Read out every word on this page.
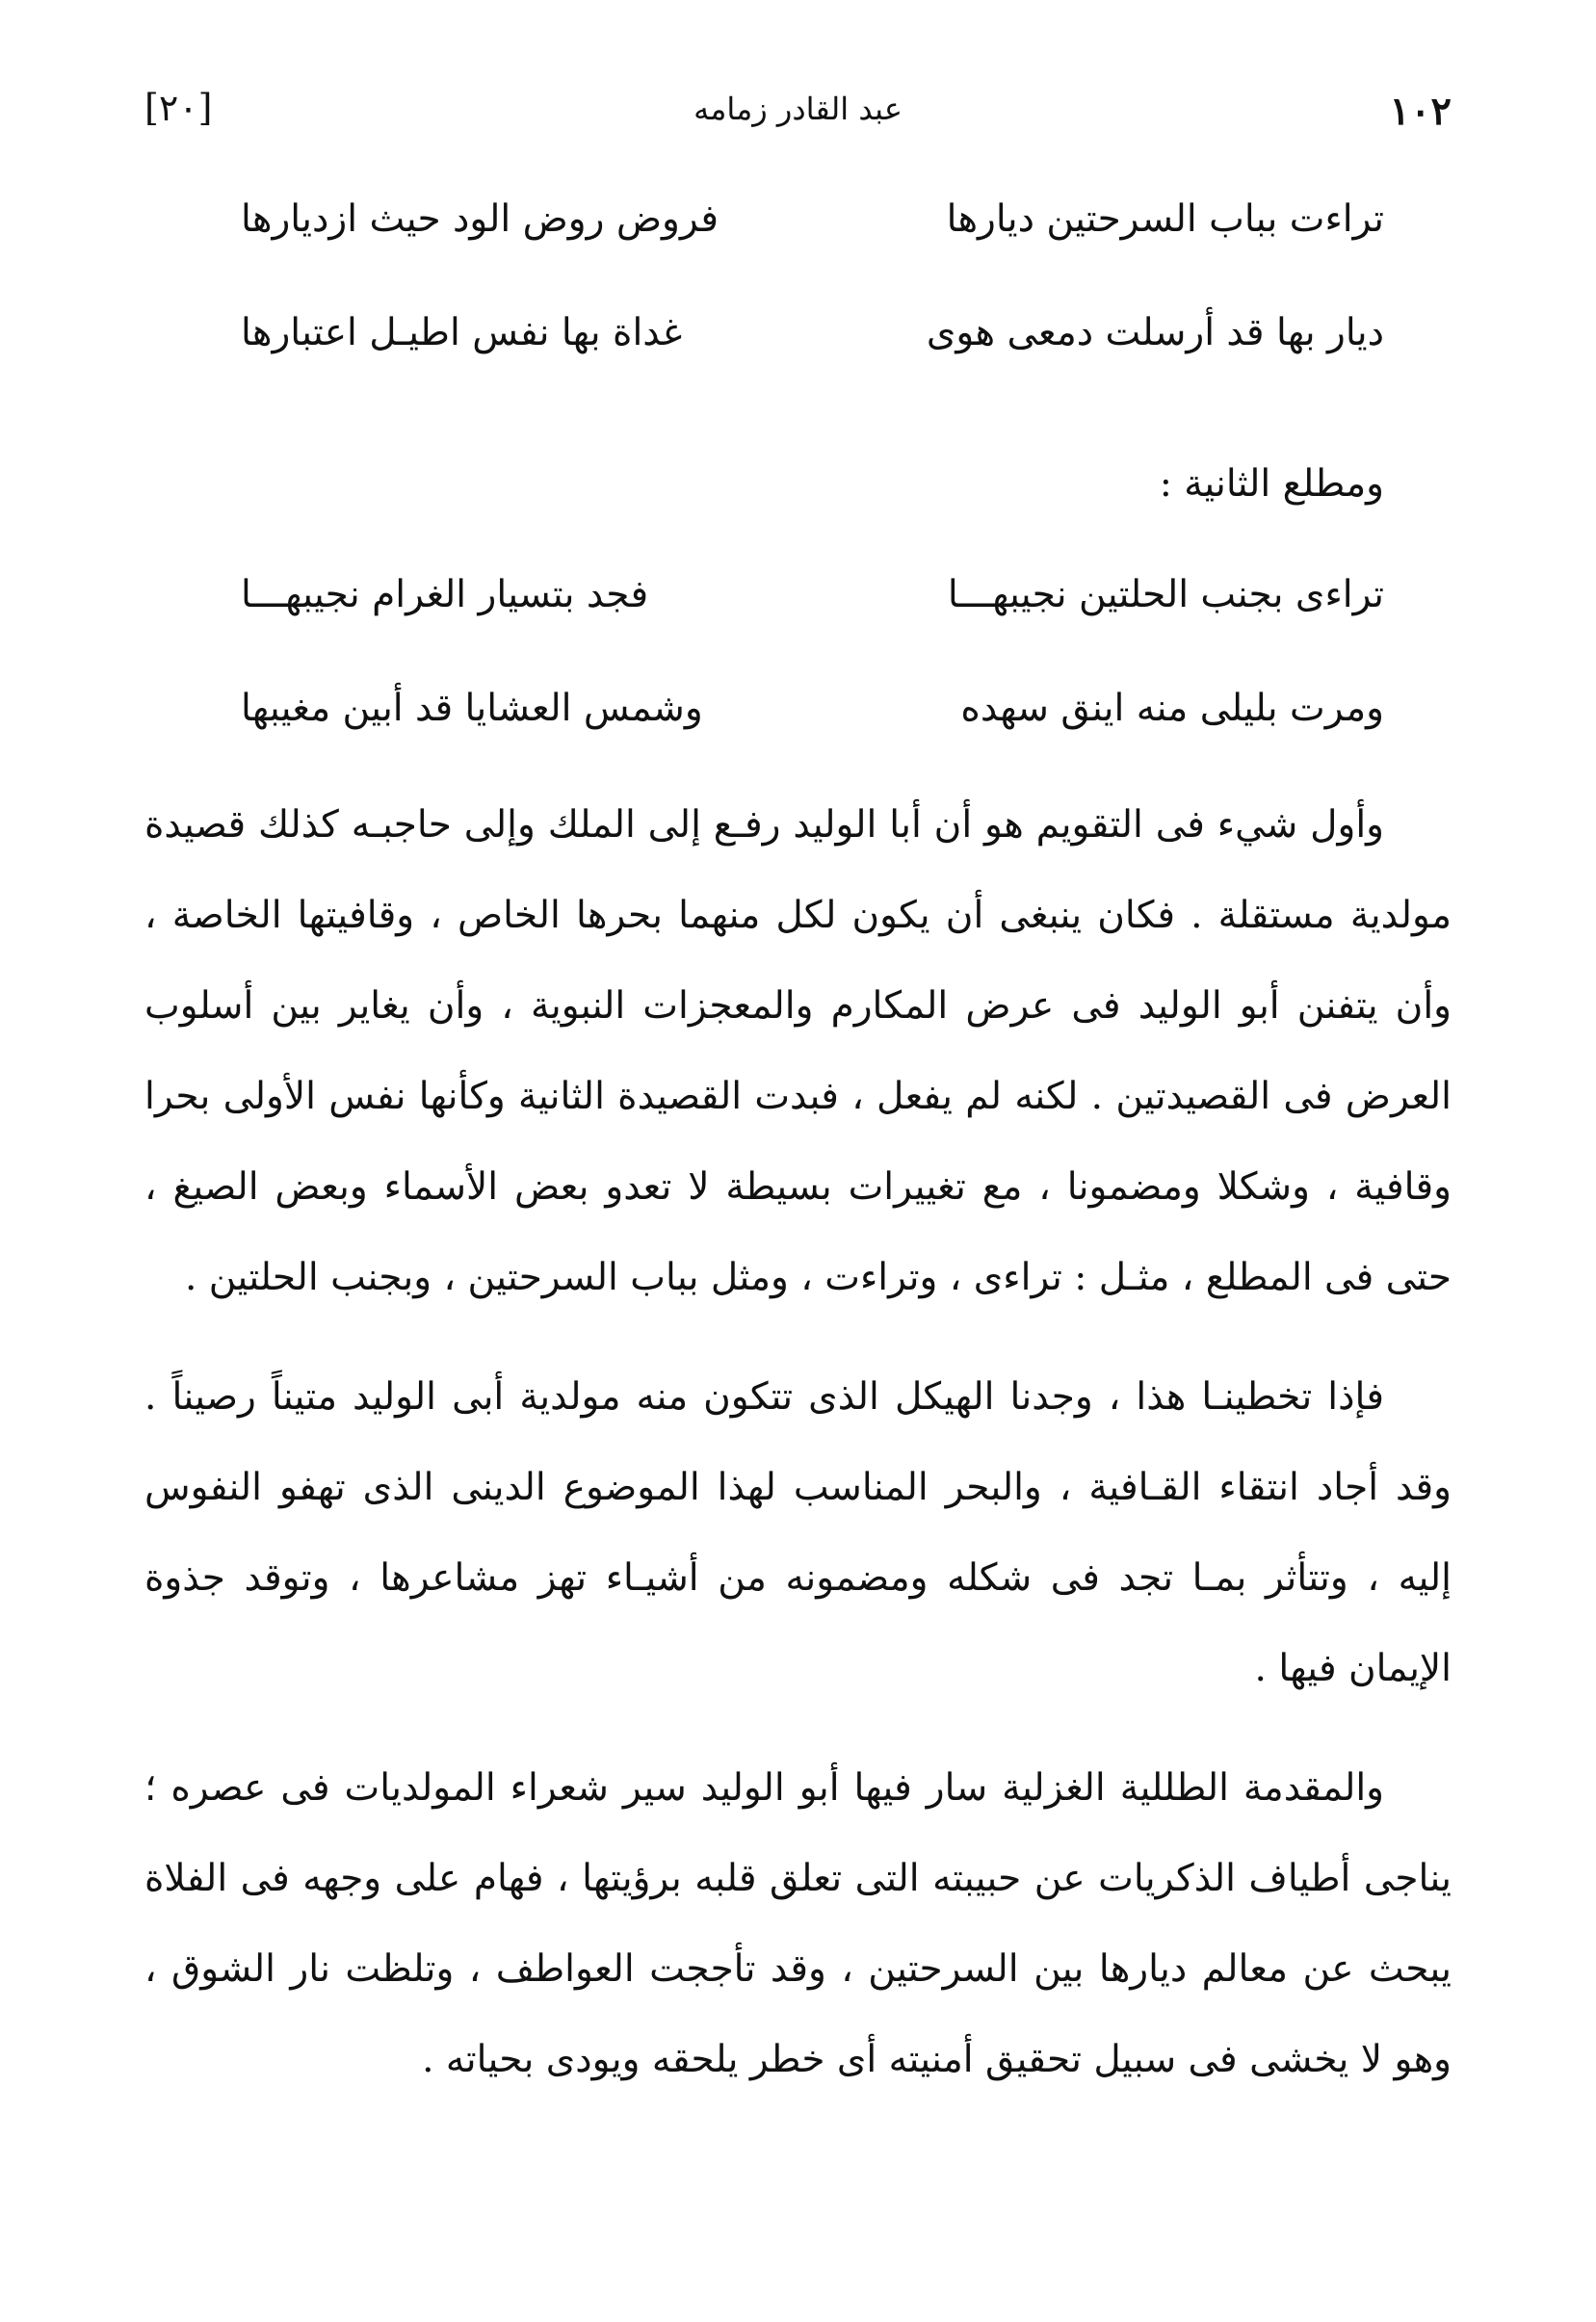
١٠٢
عبد القادر زمامه
[٢٠]
تراءت بباب السرحتين ديارها
فروض روض الود حيث ازديارها
ديار بها قد أرسلت دمعى هوى
غداة بها نفس اطيـل اعتبارها
ومطلع الثانية :
تراءى بجنب الحلتين نجيبهـــا
فجد بتسيار الغرام نجيبهـــا
ومرت بليلى منه اينق سهده
وشمس العشايا قد أبين مغيبها

وأول شيء فى التقويم هو أن أبا الوليد رفـع إلى الملك وإلى حاجبـه كذلك قصيدة مولدية مستقلة . فكان ينبغى أن يكون لكل منهما بحرها الخاص ، وقافيتها الخاصة ، وأن يتفنن أبو الوليد فى عرض المكارم والمعجزات النبوية ، وأن يغاير بين أسلوب العرض فى القصيدتين . لكنه لم يفعل ، فبدت القصيدة الثانية وكأنها نفس الأولى بحرا وقافية ، وشكلا ومضمونا ، مع تغييرات بسيطة لا تعدو بعض الأسماء وبعض الصيغ ، حتى فى المطلع ، مثـل : تراءى ، وتراءت ، ومثل بباب السرحتين ، وبجنب الحلتين .

فإذا تخطينـا هذا ، وجدنا الهيكل الذى تتكون منه مولدية أبى الوليد متيناً رصيناً . وقد أجاد انتقاء القـافية ، والبحر المناسب لهذا الموضوع الدينى الذى تهفو النفوس إليه ، وتتأثر بمـا تجد فى شكله ومضمونه من أشيـاء تهز مشاعرها ، وتوقد جذوة الإيمان فيها .

والمقدمة الطللية الغزلية سار فيها أبو الوليد سير شعراء المولديات فى عصره ؛ يناجى أطياف الذكريات عن حبيبته التى تعلق قلبه برؤيتها ، فهام على وجهه فى الفلاة يبحث عن معالم ديارها بين السرحتين ، وقد تأججت العواطف ، وتلظت نار الشوق ، وهو لا يخشى فى سبيل تحقيق أمنيته أى خطر يلحقه ويودى بحياته .
